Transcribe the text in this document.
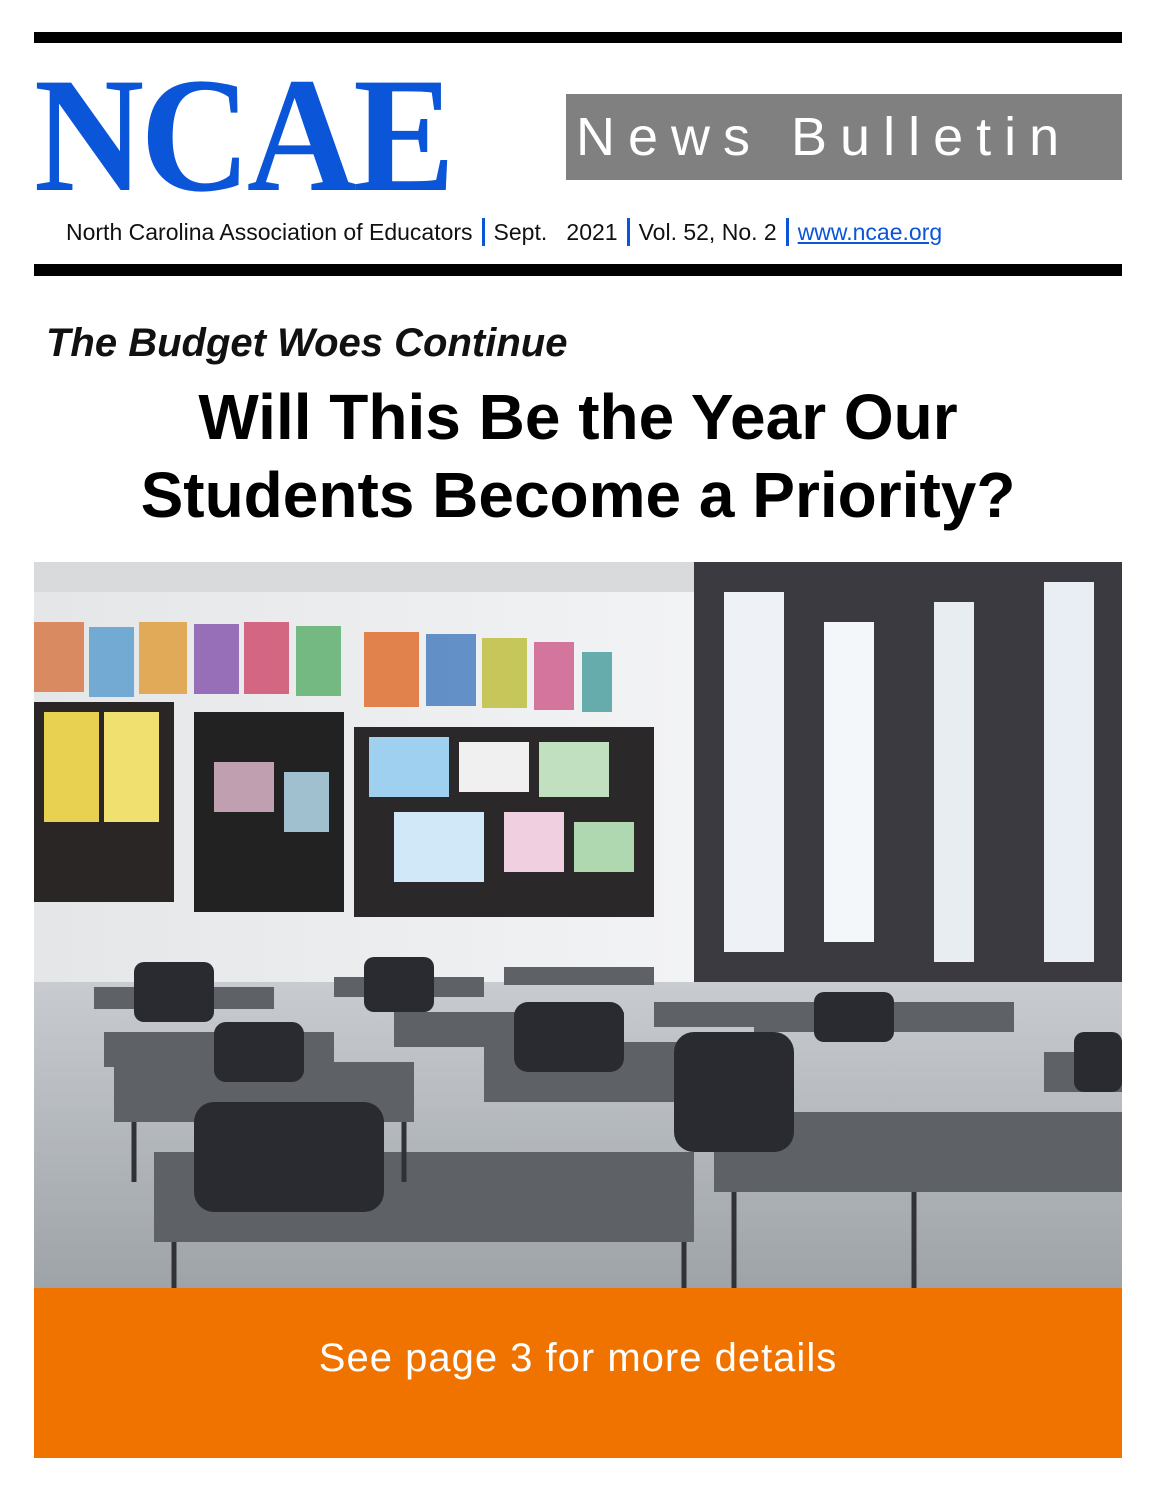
NCAE News Bulletin
North Carolina Association of Educators Sept.   2021 Vol. 52, No. 2 www.ncae.org
The Budget Woes Continue
Will This Be the Year Our
Students Become a Priority?
See page 3 for more details
